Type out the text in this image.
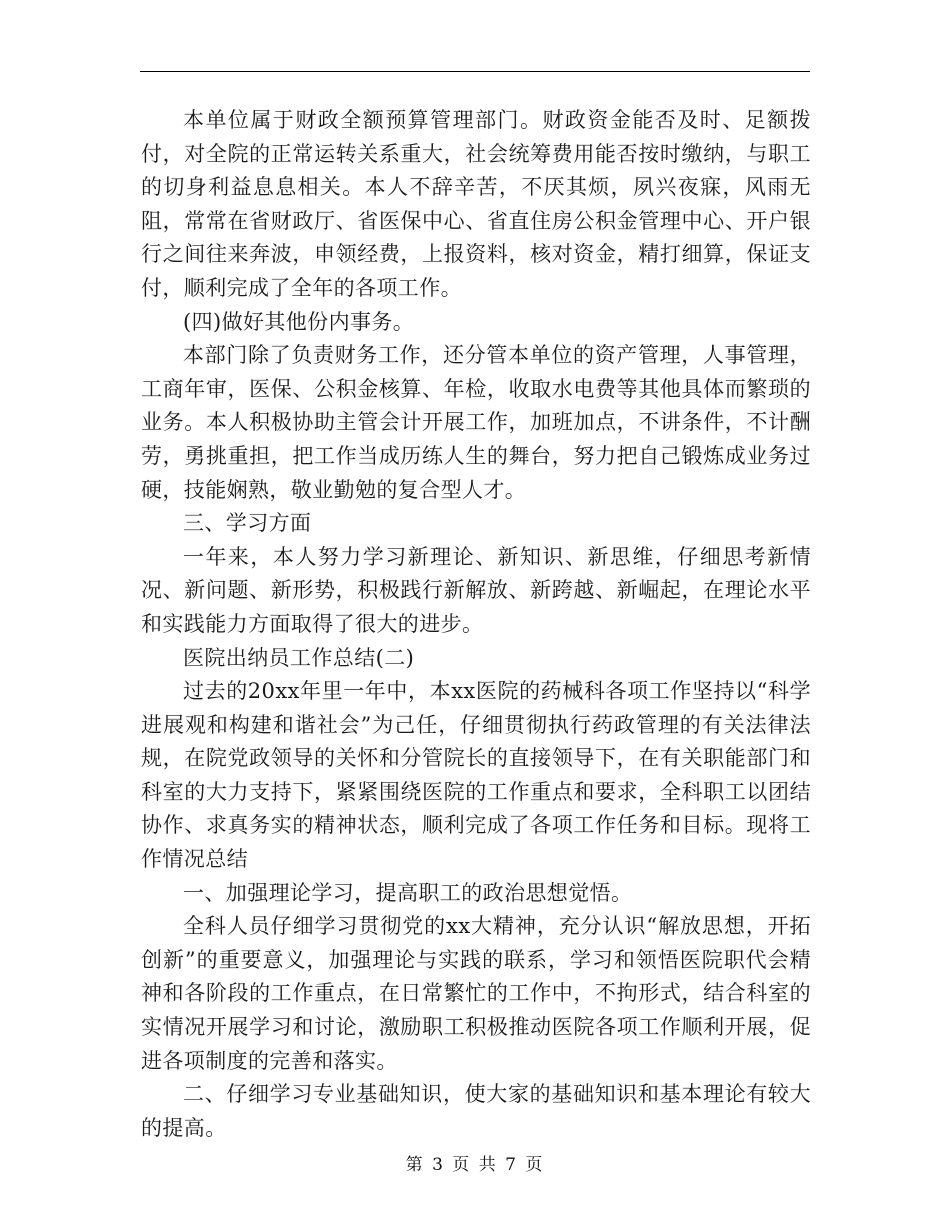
本单位属于财政全额预算管理部门。财政资金能否及时、足额拨付，对全院的正常运转关系重大，社会统筹费用能否按时缴纳，与职工的切身利益息息相关。本人不辞辛苦，不厌其烦，夙兴夜寐，风雨无阻，常常在省财政厅、省医保中心、省直住房公积金管理中心、开户银行之间往来奔波，申领经费，上报资料，核对资金，精打细算，保证支付，顺利完成了全年的各项工作。

(四)做好其他份内事务。

本部门除了负责财务工作，还分管本单位的资产管理，人事管理，工商年审，医保、公积金核算、年检，收取水电费等其他具体而繁琐的业务。本人积极协助主管会计开展工作，加班加点，不讲条件，不计酬劳，勇挑重担，把工作当成历练人生的舞台，努力把自己锻炼成业务过硬，技能娴熟，敬业勤勉的复合型人才。

三、学习方面

一年来，本人努力学习新理论、新知识、新思维，仔细思考新情况、新问题、新形势，积极践行新解放、新跨越、新崛起，在理论水平和实践能力方面取得了很大的进步。

医院出纳员工作总结(二)

过去的20xx年里一年中，本xx医院的药械科各项工作坚持以“科学进展观和构建和谐社会”为己任，仔细贯彻执行药政管理的有关法律法规，在院党政领导的关怀和分管院长的直接领导下，在有关职能部门和科室的大力支持下，紧紧围绕医院的工作重点和要求，全科职工以团结协作、求真务实的精神状态，顺利完成了各项工作任务和目标。现将工作情况总结

一、加强理论学习，提高职工的政治思想觉悟。

全科人员仔细学习贯彻党的xx大精神，充分认识“解放思想，开拓创新”的重要意义，加强理论与实践的联系，学习和领悟医院职代会精神和各阶段的工作重点，在日常繁忙的工作中，不拘形式，结合科室的实情况开展学习和讨论，激励职工积极推动医院各项工作顺利开展，促进各项制度的完善和落实。

二、仔细学习专业基础知识，使大家的基础知识和基本理论有较大的提高。

第 3 页 共 7 页
